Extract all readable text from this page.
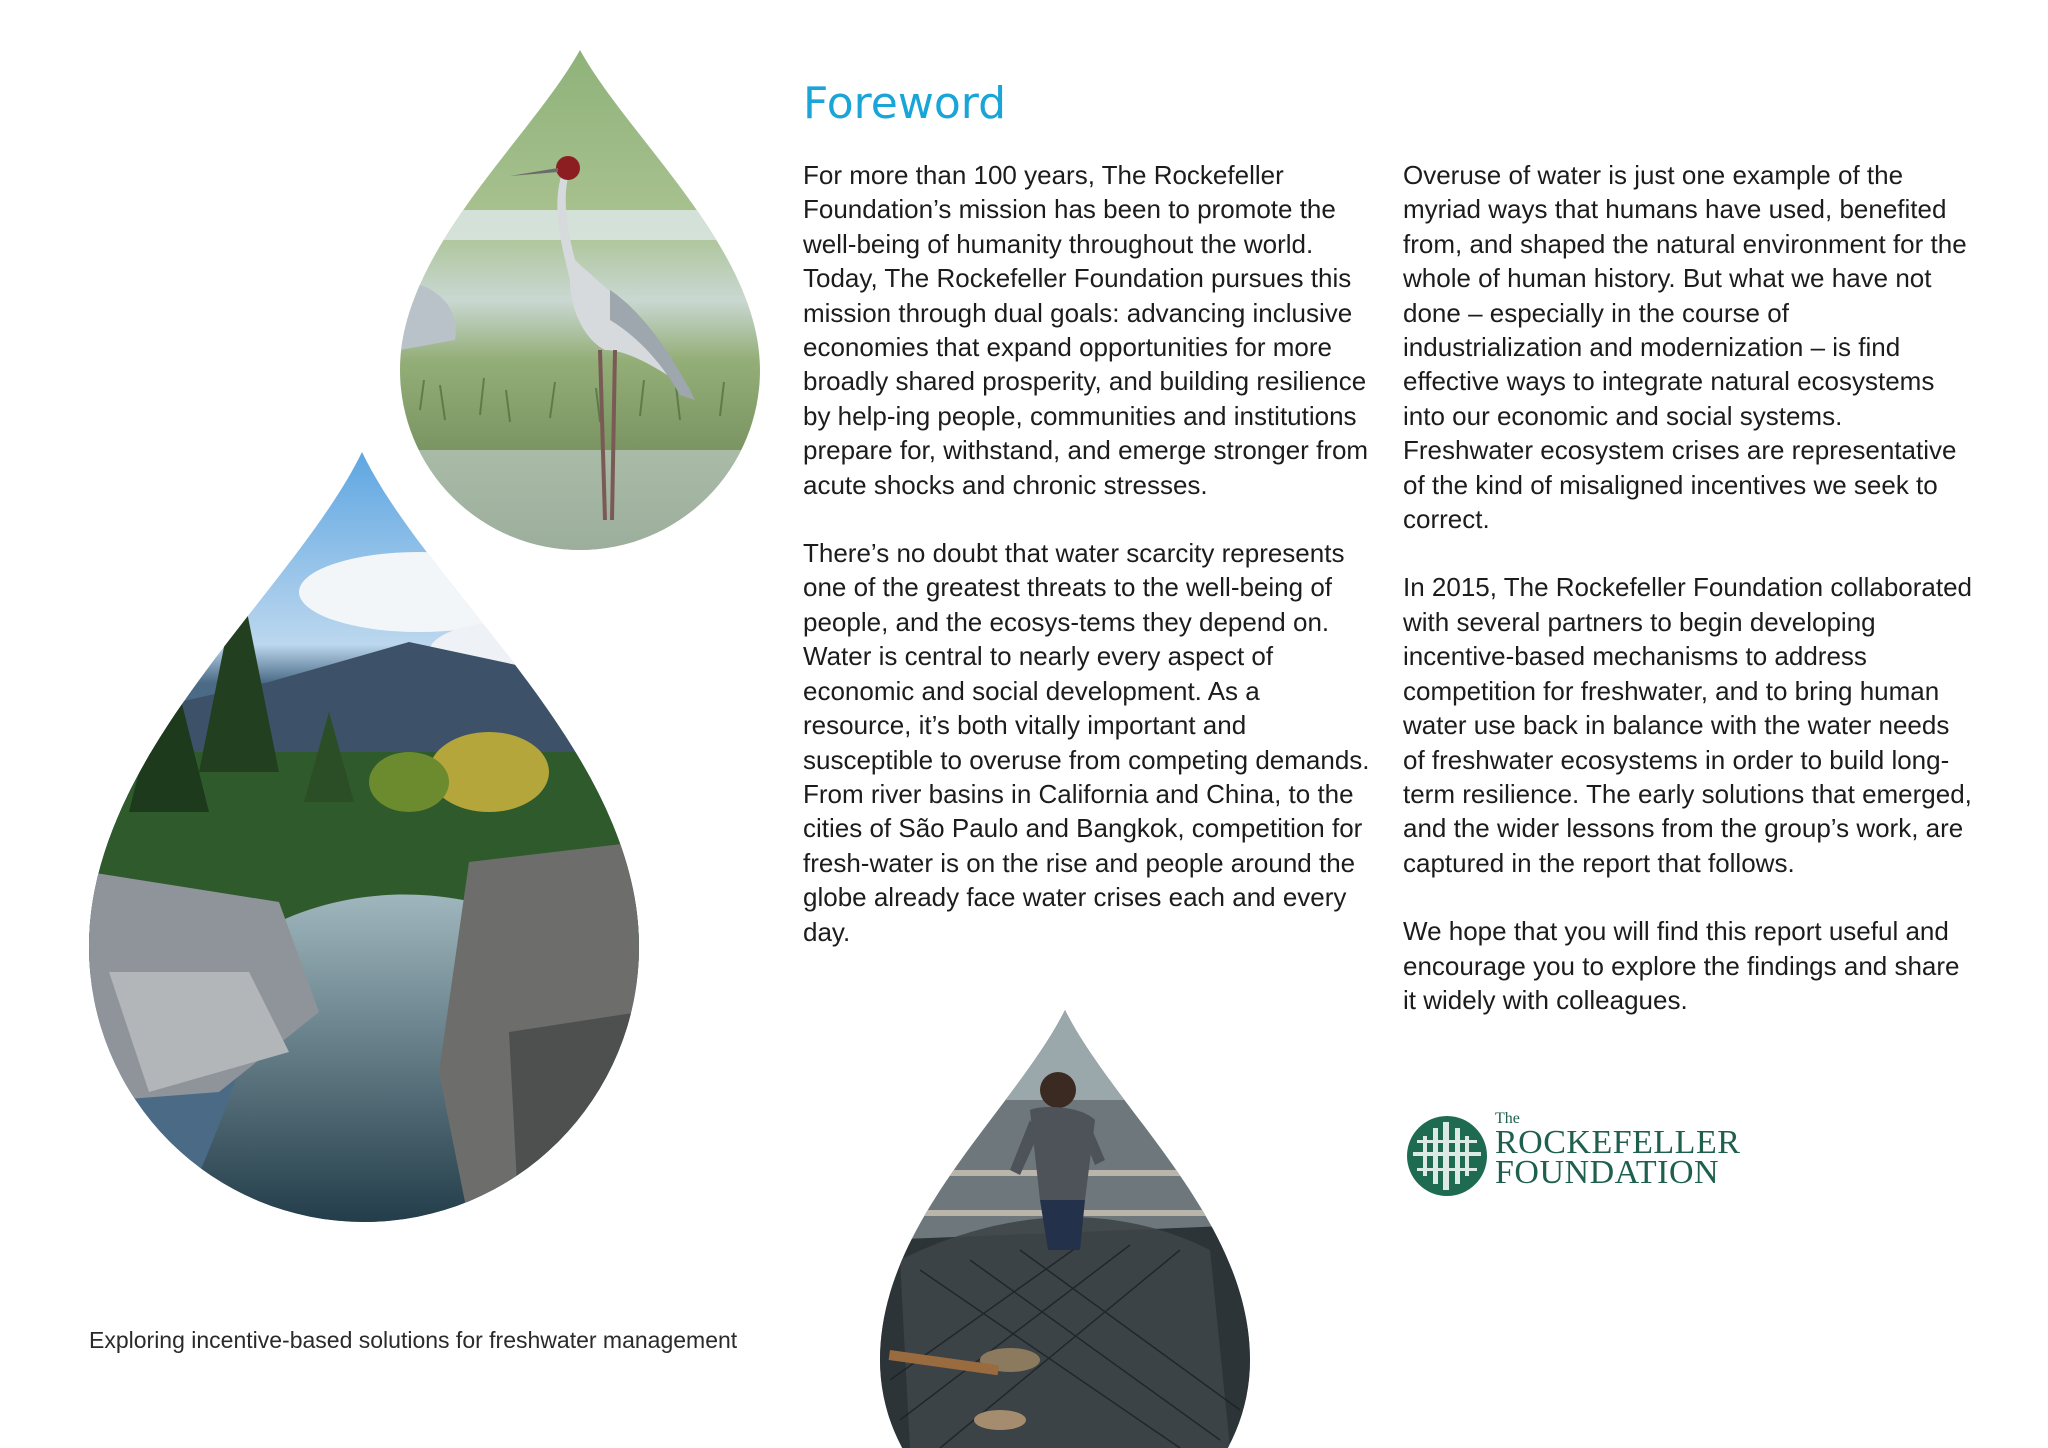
Foreword

For more than 100 years, The Rockefeller Foundation’s mission has been to promote the well-being of humanity throughout the world. Today, The Rockefeller Foundation pursues this mission through dual goals: advancing inclusive economies that expand opportunities for more broadly shared prosperity, and building resilience by help-ing people, communities and institutions prepare for, withstand, and emerge stronger from acute shocks and chronic stresses.

There’s no doubt that water scarcity represents one of the greatest threats to the well-being of people, and the ecosys-tems they depend on. Water is central to nearly every aspect of economic and social development. As a resource, it’s both vitally important and susceptible to overuse from competing demands. From river basins in California and China, to the cities of São Paulo and Bangkok, competition for fresh-water is on the rise and people around the globe already face water crises each and every day.

Overuse of water is just one example of the myriad ways that humans have used, benefited from, and shaped the natural environment for the whole of human history. But what we have not done – especially in the course of industrialization and modernization – is find effective ways to integrate natural ecosystems into our economic and social systems. Freshwater ecosystem crises are representative of the kind of misaligned incentives we seek to correct.

In 2015, The Rockefeller Foundation collaborated with several partners to begin developing incentive-based mechanisms to address competition for freshwater, and to bring human water use back in balance with the water needs of freshwater ecosystems in order to build long-term resilience. The early solutions that emerged, and the wider lessons from the group’s work, are captured in the report that follows.

We hope that you will find this report useful and encourage you to explore the findings and share it widely with colleagues.

The
ROCKEFELLER
FOUNDATION
Exploring incentive-based solutions for freshwater management
